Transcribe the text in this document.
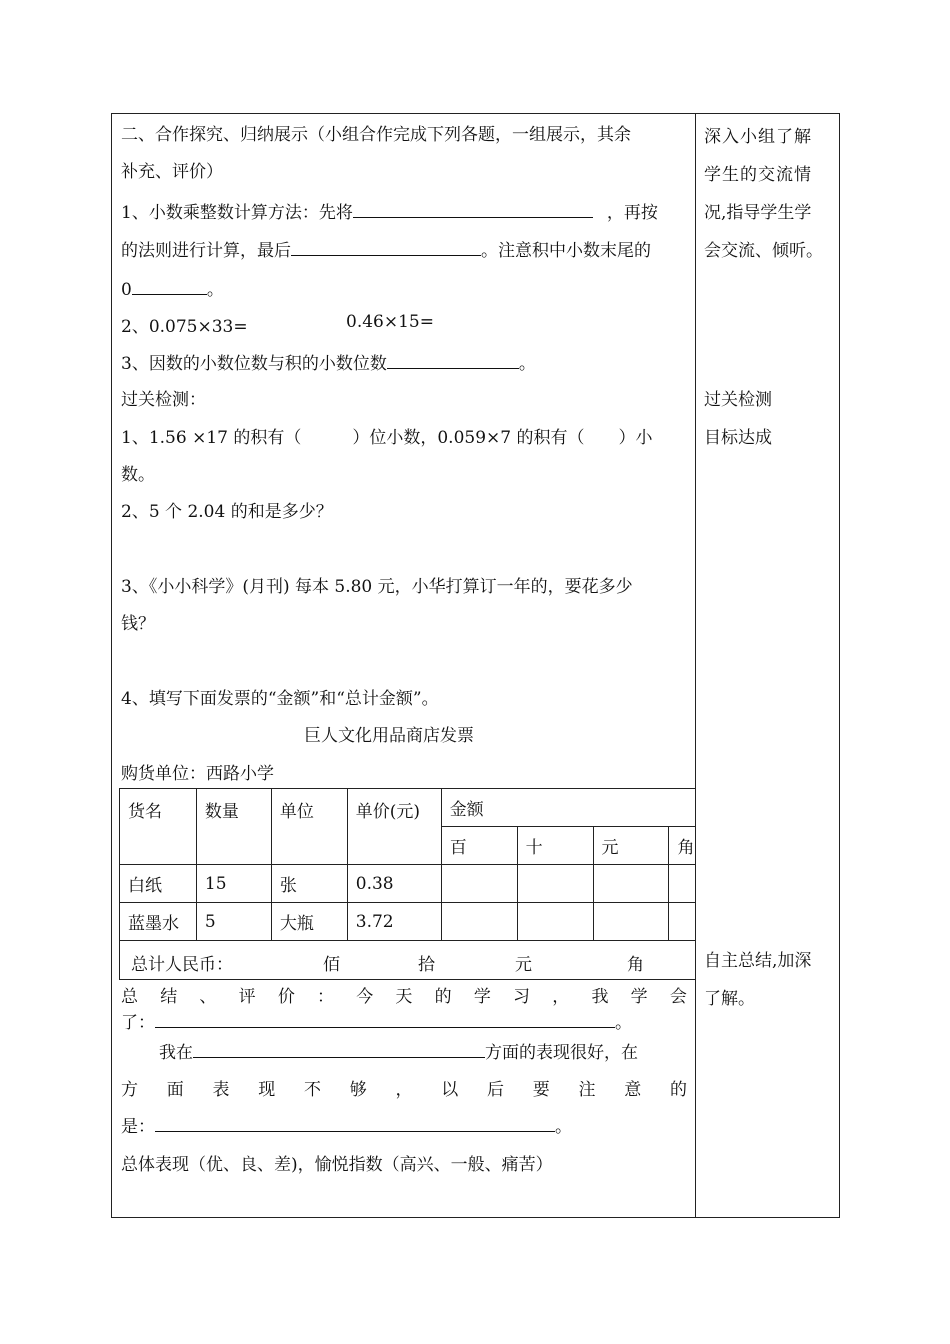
二、合作探究、归纳展示（小组合作完成下列各题，一组展示，其余
补充、评价）
1、小数乘整数计算方法：先将	，再按
的法则进行计算，最后	。注意积中小数末尾的
0	。
2、0.075×33=	0.46×15=
3、因数的小数位数与积的小数位数	。
过关检测：
1、1.56 ×17 的积有（　　　）位小数，0.059×7 的积有（　　）小
数。
2、5 个 2.04 的和是多少？
3、《小小科学》(月刊) 每本 5.80 元，小华打算订一年的，要花多少
钱？
4、填写下面发票的“金额”和“总计金额”。
巨人文化用品商店发票
购货单位：西路小学
货名	数量	单位	单价(元)	金额			
				百	十	元	角
白纸	15	张	0.38				
蓝墨水	5	大瓶	3.72				

总计人民币： 佰 拾 元 角							
总 结 、 评 价 ： 今 天 的 学 习 ， 我 学 会
了：	。
我在	方面的表现很好，在
方 面 表 现 不 够 ， 以 后 要 注 意 的
是：	。
总体表现（优、良、差)，愉悦指数（高兴、一般、痛苦）
深入小组了解
学生的交流情
况,指导学生学
会交流、倾听。
过关检测
目标达成
自主总结,加深
了解。
